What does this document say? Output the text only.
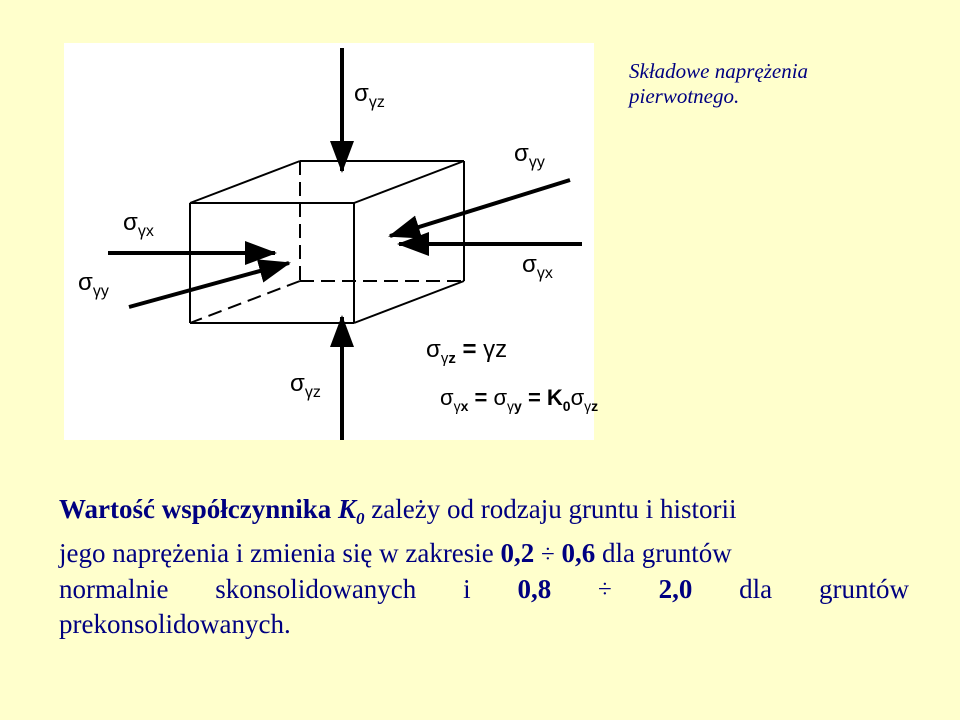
$\sigma_\gamma z$
$\sigma_\gamma y$
$\sigma_\gamma x$
$\sigma_\gamma x$
$\sigma_\gamma y$
$\sigma_\gamma z$
$\sigma_\gamma z = \gamma z$
$\sigma_\gamma x = \sigma_\gamma y = K_0\sigma_\gamma z$
Składowe naprężenia
pierwotnego.
Wartość współczynnika $K_0$ zależy od rodzaju gruntu i historii
jego naprężenia i zmienia się w zakresie 0,2 ÷ 0,6 dla gruntów
normalnie skonsolidowanych i 0,8 ÷ 2,0 dla gruntów
prekonsolidowanych.
